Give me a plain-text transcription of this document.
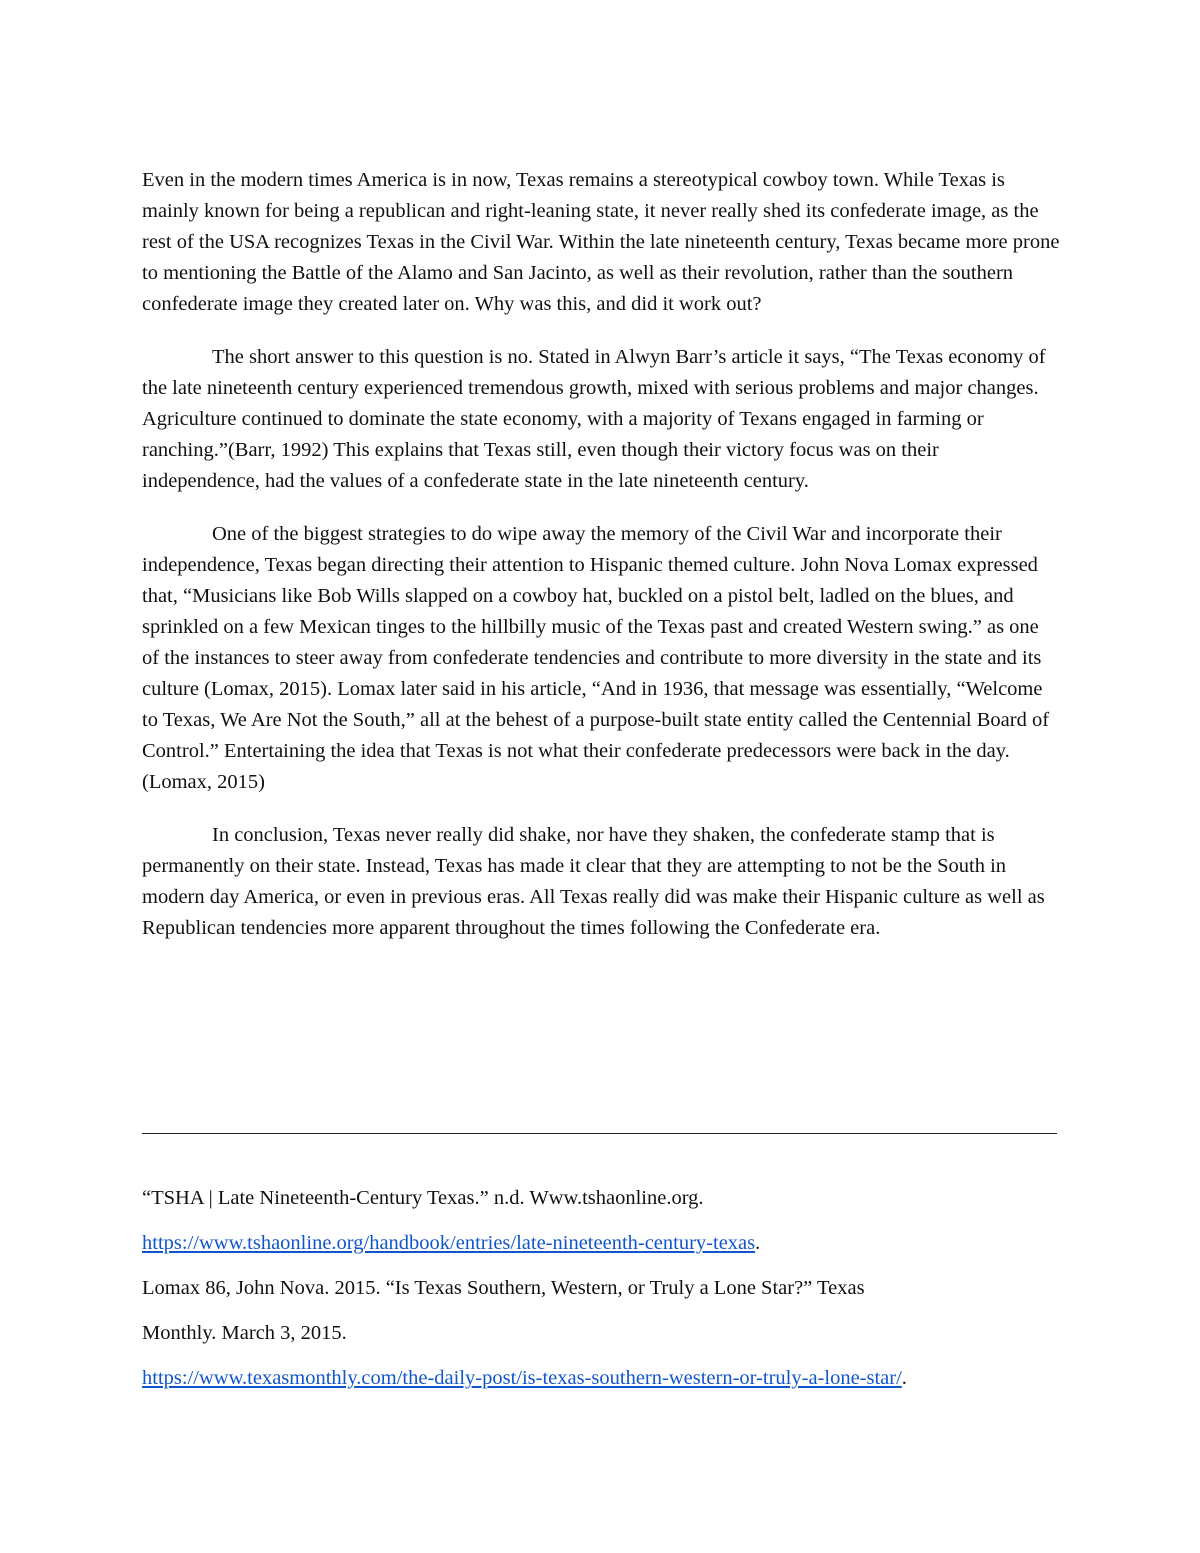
Even in the modern times America is in now, Texas remains a stereotypical cowboy town. While Texas is mainly known for being a republican and right-leaning state, it never really shed its confederate image, as the rest of the USA recognizes Texas in the Civil War. Within the late nineteenth century, Texas became more prone to mentioning the Battle of the Alamo and San Jacinto, as well as their revolution, rather than the southern confederate image they created later on. Why was this, and did it work out?

The short answer to this question is no. Stated in Alwyn Barr’s article it says, “The Texas economy of the late nineteenth century experienced tremendous growth, mixed with serious problems and major changes. Agriculture continued to dominate the state economy, with a majority of Texans engaged in farming or ranching.”(Barr, 1992) This explains that Texas still, even though their victory focus was on their independence, had the values of a confederate state in the late nineteenth century.

One of the biggest strategies to do wipe away the memory of the Civil War and incorporate their independence, Texas began directing their attention to Hispanic themed culture. John Nova Lomax expressed that, “Musicians like Bob Wills slapped on a cowboy hat, buckled on a pistol belt, ladled on the blues, and sprinkled on a few Mexican tinges to the hillbilly music of the Texas past and created Western swing.” as one of the instances to steer away from confederate tendencies and contribute to more diversity in the state and its culture (Lomax, 2015). Lomax later said in his article, “And in 1936, that message was essentially, “Welcome to Texas, We Are Not the South,” all at the behest of a purpose-built state entity called the Centennial Board of Control.” Entertaining the idea that Texas is not what their confederate predecessors were back in the day. (Lomax, 2015)

In conclusion, Texas never really did shake, nor have they shaken, the confederate stamp that is permanently on their state. Instead, Texas has made it clear that they are attempting to not be the South in modern day America, or even in previous eras. All Texas really did was make their Hispanic culture as well as Republican tendencies more apparent throughout the times following the Confederate era.

“TSHA | Late Nineteenth-Century Texas.” n.d. Www.tshaonline.org.

https://www.tshaonline.org/handbook/entries/late-nineteenth-century-texas.

Lomax 86, John Nova. 2015. “Is Texas Southern, Western, or Truly a Lone Star?” Texas

Monthly. March 3, 2015.

https://www.texasmonthly.com/the-daily-post/is-texas-southern-western-or-truly-a-lone-star/.
